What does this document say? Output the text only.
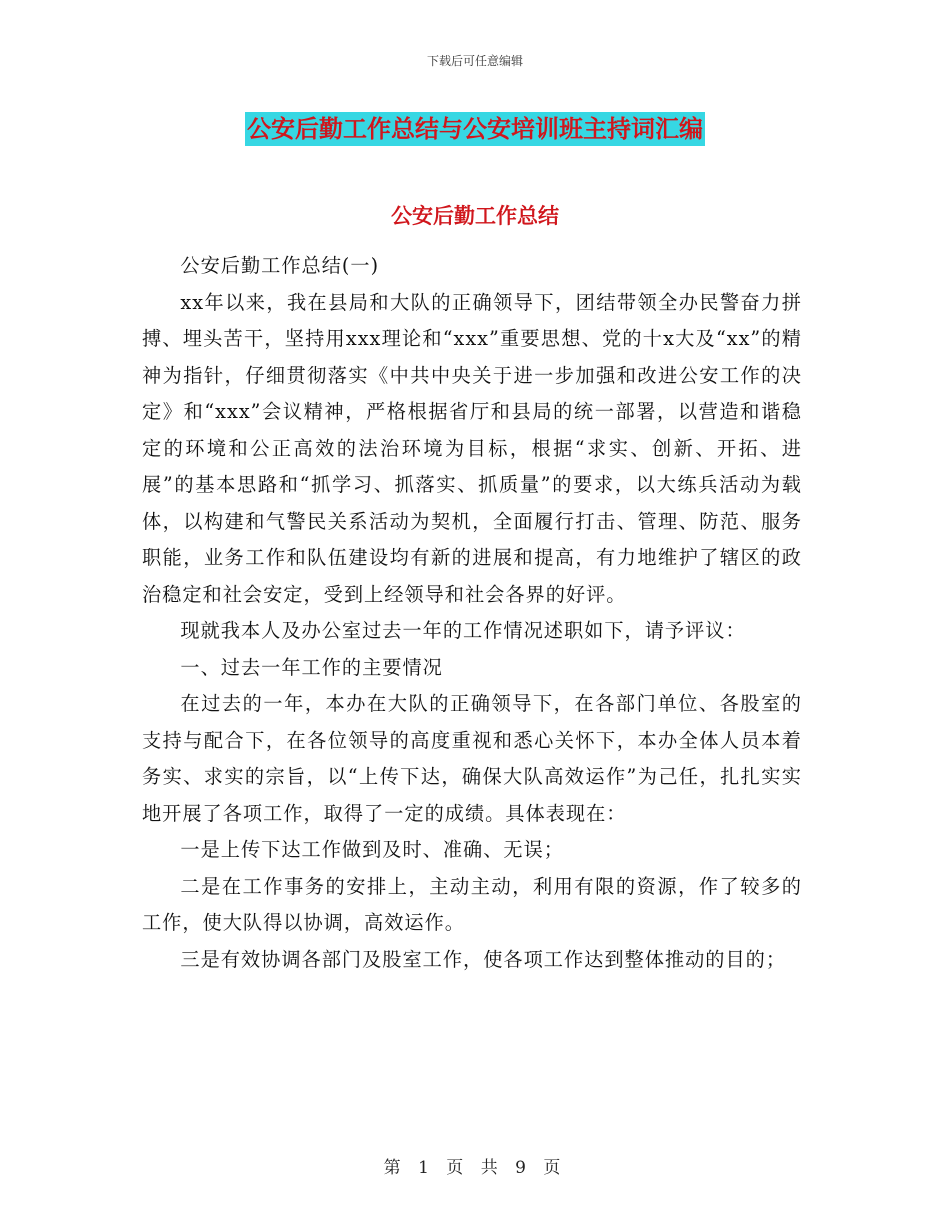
下载后可任意编辑
公安后勤工作总结与公安培训班主持词汇编
公安后勤工作总结

公安后勤工作总结(一)

xx年以来，我在县局和大队的正确领导下，团结带领全办民警奋力拼搏、埋头苦干，坚持用xxx理论和“xxx”重要思想、党的十x大及“xx”的精神为指针，仔细贯彻落实《中共中央关于进一步加强和改进公安工作的决定》和“xxx”会议精神，严格根据省厅和县局的统一部署，以营造和谐稳定的环境和公正高效的法治环境为目标，根据“求实、创新、开拓、进展”的基本思路和“抓学习、抓落实、抓质量”的要求，以大练兵活动为载体，以构建和气警民关系活动为契机，全面履行打击、管理、防范、服务职能，业务工作和队伍建设均有新的进展和提高，有力地维护了辖区的政治稳定和社会安定，受到上经领导和社会各界的好评。

现就我本人及办公室过去一年的工作情况述职如下，请予评议：

一、过去一年工作的主要情况

在过去的一年，本办在大队的正确领导下，在各部门单位、各股室的支持与配合下，在各位领导的高度重视和悉心关怀下，本办全体人员本着务实、求实的宗旨，以“上传下达，确保大队高效运作”为己任，扎扎实实地开展了各项工作，取得了一定的成绩。具体表现在：

一是上传下达工作做到及时、准确、无误；

二是在工作事务的安排上，主动主动，利用有限的资源，作了较多的工作，使大队得以协调，高效运作。

三是有效协调各部门及股室工作，使各项工作达到整体推动的目的；

第 1 页 共 9 页
